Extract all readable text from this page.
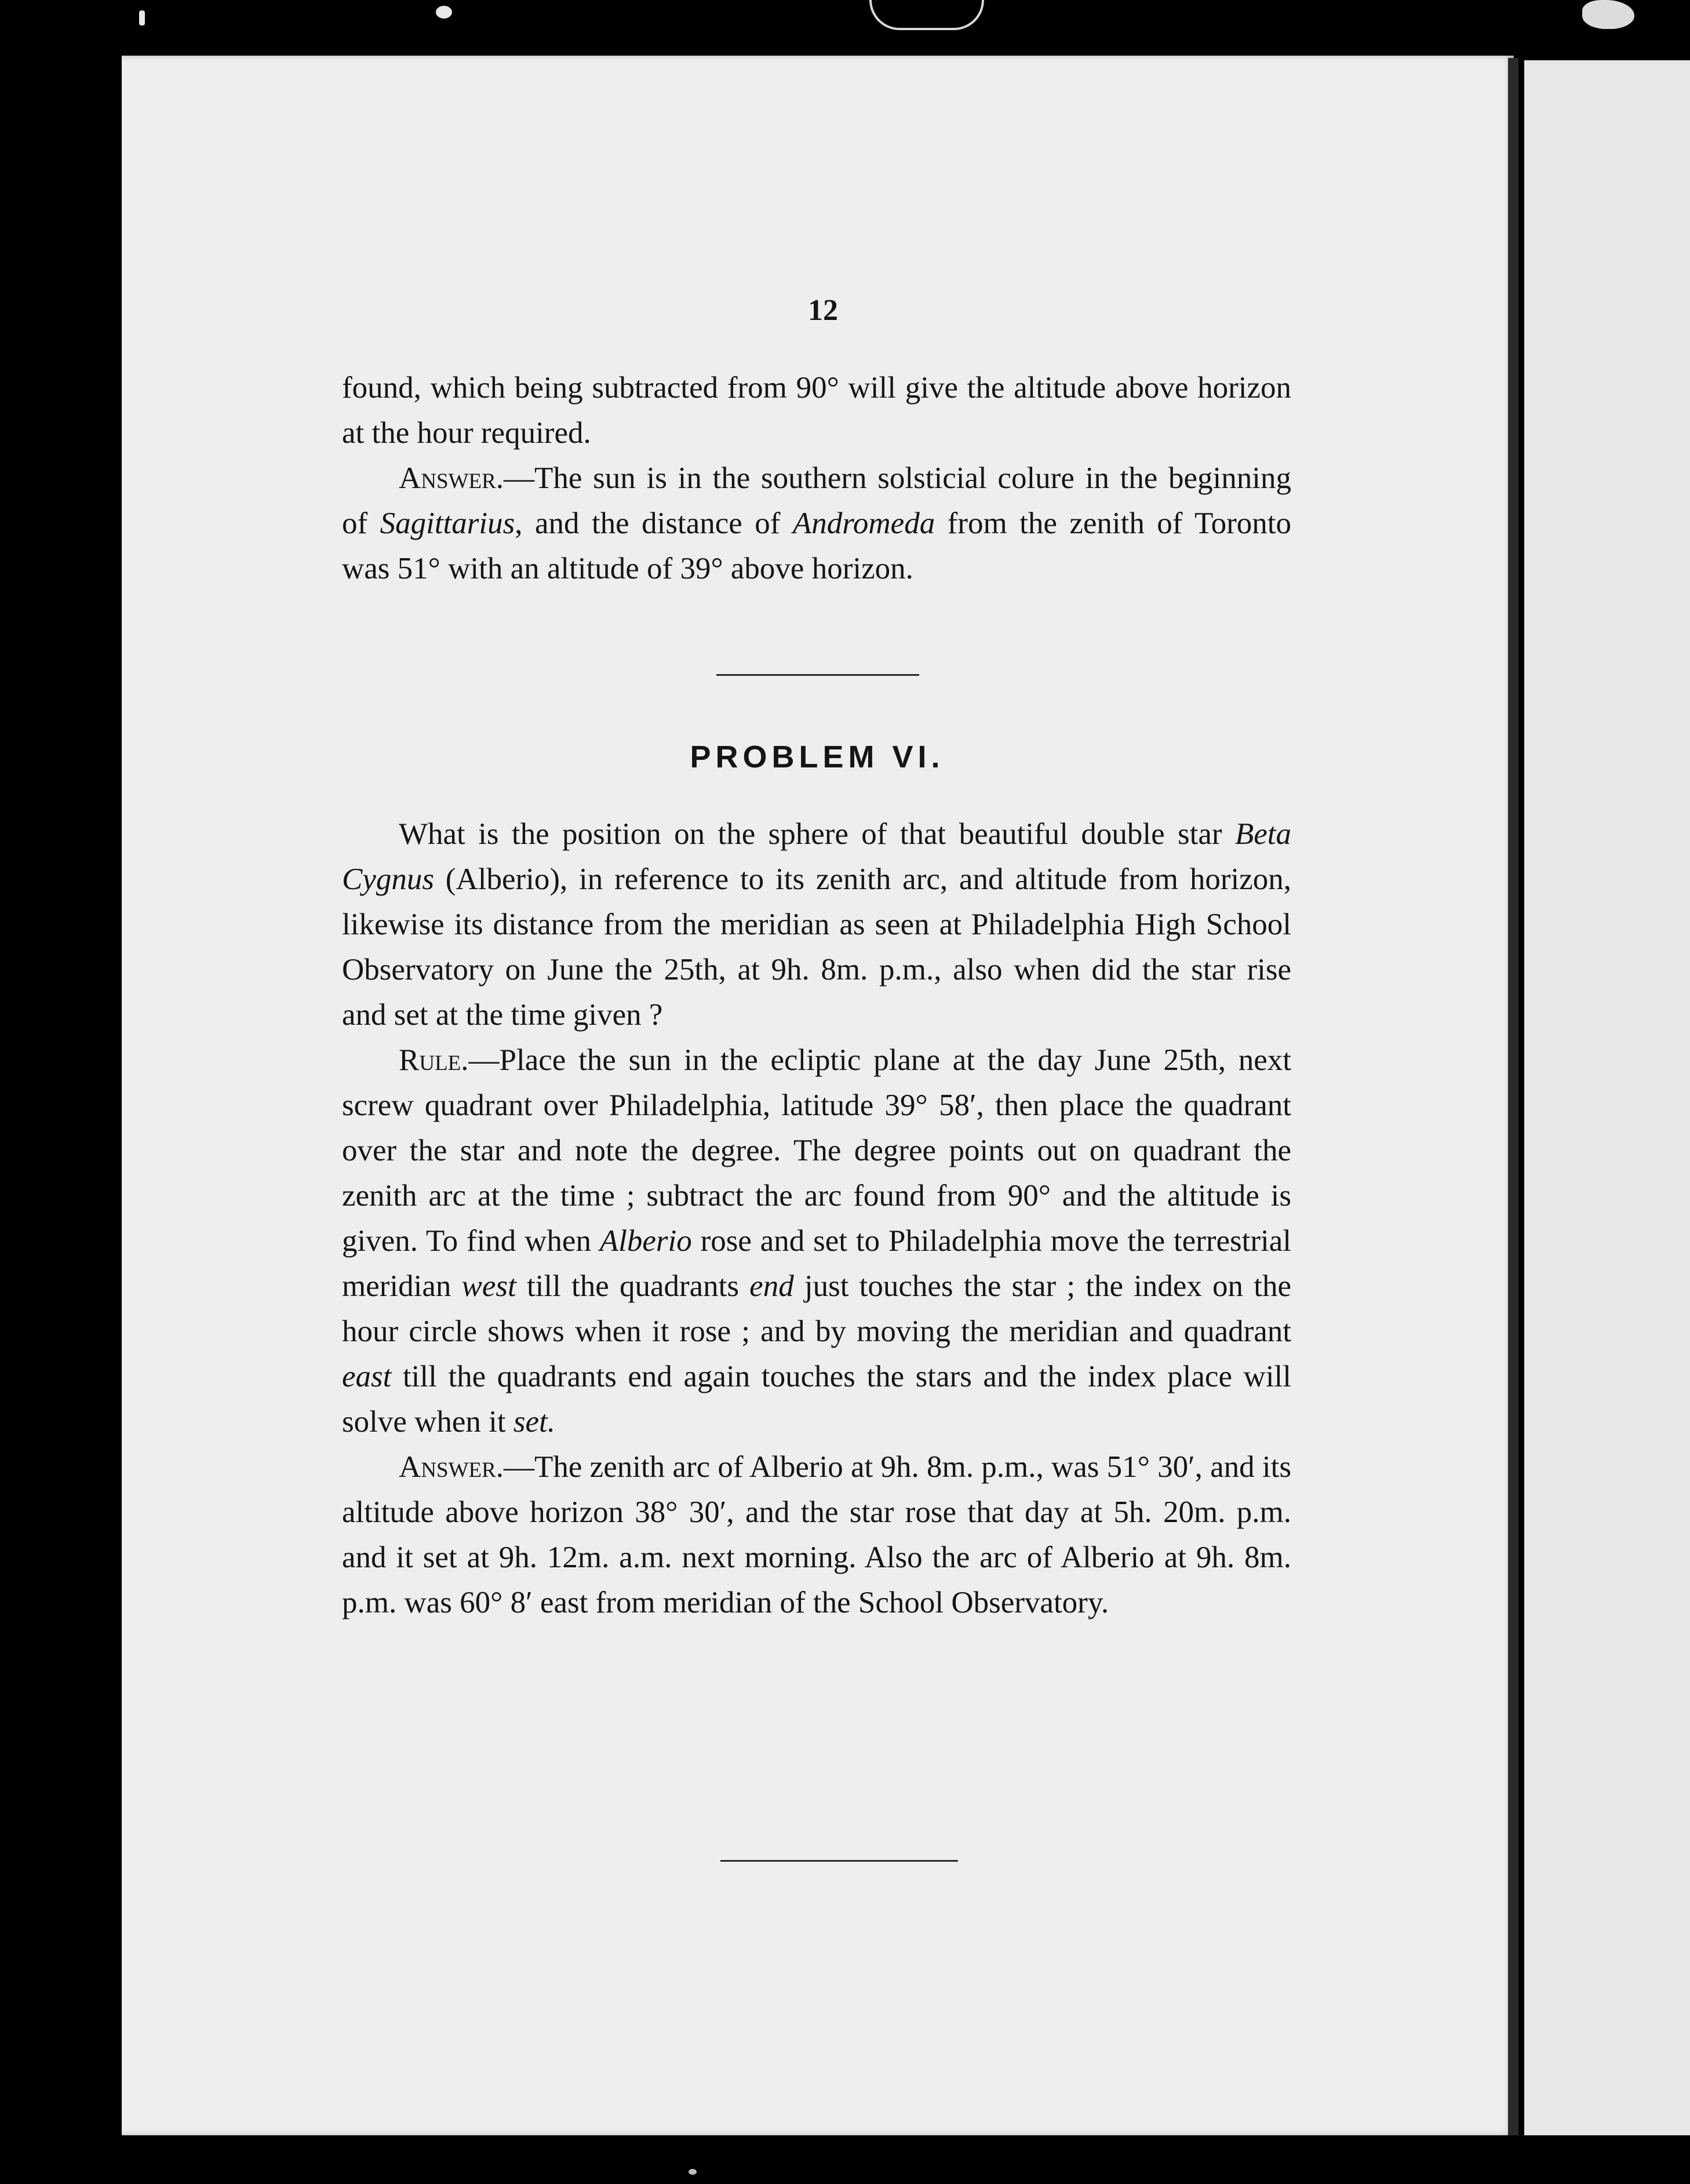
12

found, which being subtracted from 90° will give the altitude above horizon at the hour required.

Answer.—The sun is in the southern solsticial colure in the beginning of Sagittarius, and the distance of Andromeda from the zenith of Toronto was 51° with an altitude of 39° above horizon.

PROBLEM VI.

What is the position on the sphere of that beautiful double star Beta Cygnus (Alberio), in reference to its zenith arc, and altitude from horizon, likewise its distance from the meridian as seen at Philadelphia High School Observatory on June the 25th, at 9h. 8m. p.m., also when did the star rise and set at the time given ?

Rule.—Place the sun in the ecliptic plane at the day June 25th, next screw quadrant over Philadelphia, latitude 39° 58′, then place the quadrant over the star and note the degree. The degree points out on quadrant the zenith arc at the time ; subtract the arc found from 90° and the altitude is given. To find when Alberio rose and set to Philadelphia move the terrestrial meridian west till the quadrants end just touches the star ; the index on the hour circle shows when it rose ; and by moving the meridian and quadrant east till the quadrants end again touches the stars and the index place will solve when it set.

Answer.—The zenith arc of Alberio at 9h. 8m. p.m., was 51° 30′, and its altitude above horizon 38° 30′, and the star rose that day at 5h. 20m. p.m. and it set at 9h. 12m. a.m. next morning. Also the arc of Alberio at 9h. 8m. p.m. was 60° 8′ east from meridian of the School Observatory.
